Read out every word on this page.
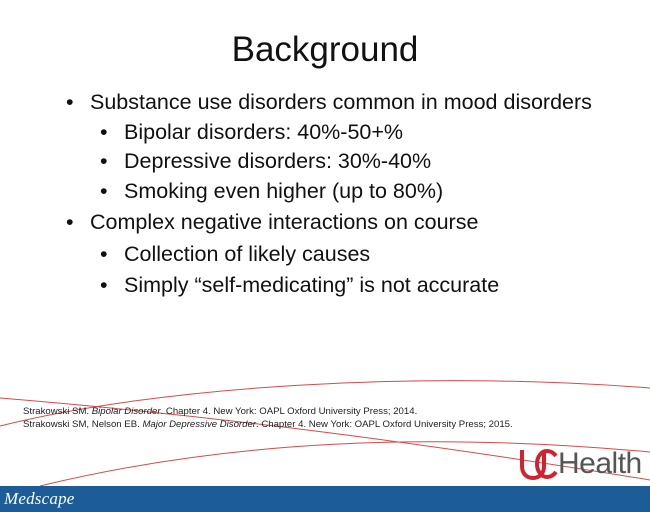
Background
• Substance use disorders common in mood disorders
• Bipolar disorders: 40%-50+%
• Depressive disorders: 30%-40%
• Smoking even higher (up to 80%)
• Complex negative interactions on course
• Collection of likely causes
• Simply “self-medicating” is not accurate
Strakowski SM. Bipolar Disorder. Chapter 4. New York: OAPL Oxford University Press; 2014.
Strakowski SM, Nelson EB. Major Depressive Disorder. Chapter 4. New York: OAPL Oxford University Press; 2015.
Health
Medscape
